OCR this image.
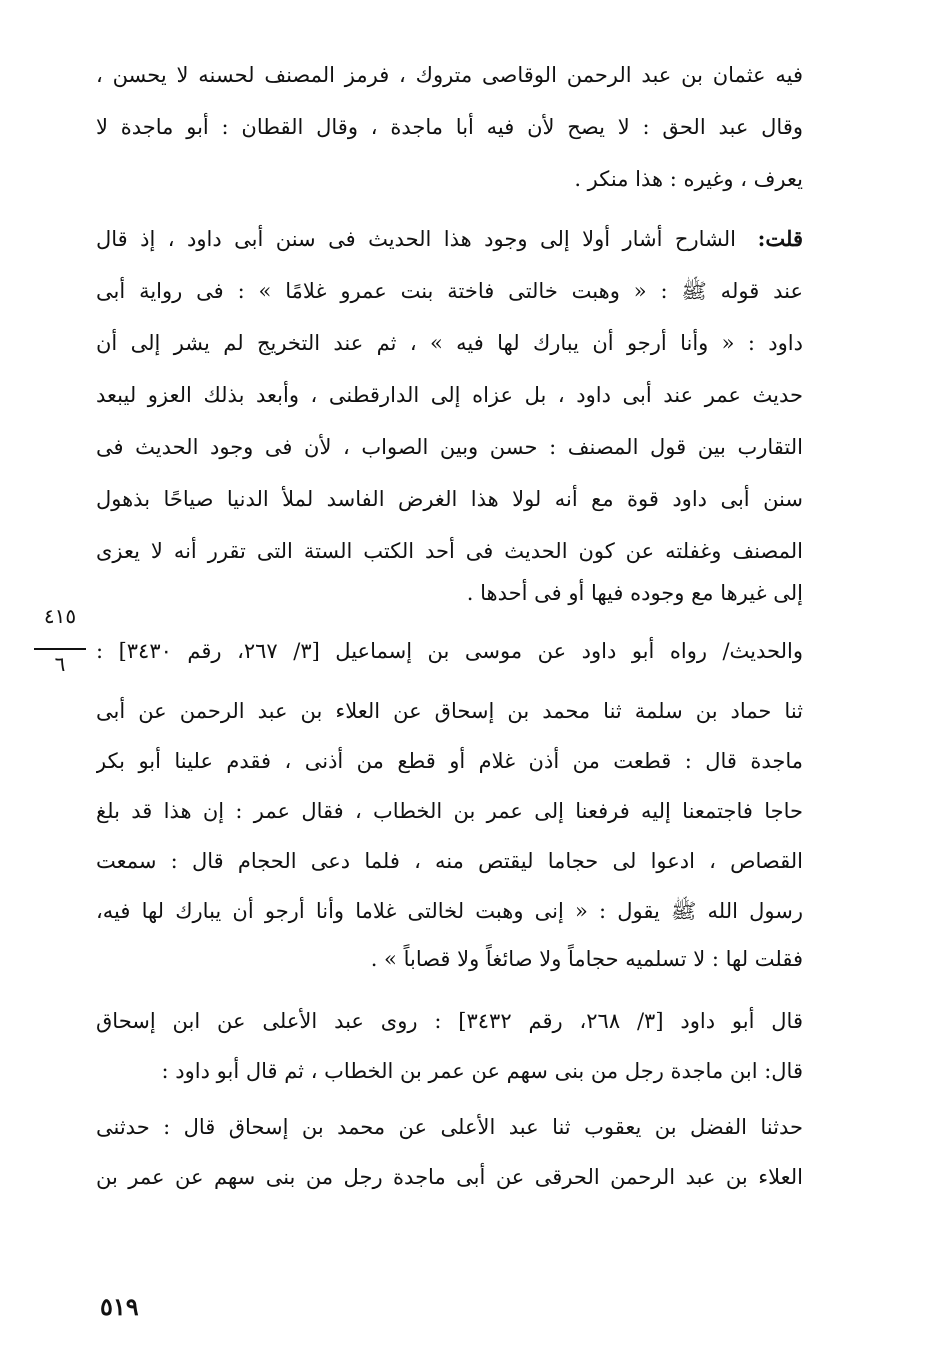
فيه عثمان بن عبد الرحمن الوقاصى متروك ، فرمز المصنف لحسنه لا يحسن ،
وقال عبد الحق : لا يصح لأن فيه أبا ماجدة ، وقال القطان : أبو ماجدة لا
يعرف ، وغيره : هذا منكر .
الشارح أشار أولا إلى وجود هذا الحديث فى سنن أبى داود ، إذ قال	قلت:
عند قوله ﷺ : « وهبت خالتى فاختة بنت عمرو غلامًا » : فى رواية أبى
داود : « وأنا أرجو أن يبارك لها فيه » ، ثم عند التخريج لم يشر إلى أن
حديث عمر عند أبى داود ، بل عزاه إلى الدارقطنى ، وأبعد بذلك العزو ليبعد
التقارب بين قول المصنف : حسن وبين الصواب ، لأن فى وجود الحديث فى
سنن أبى داود قوة مع أنه لولا هذا الغرض الفاسد لملأ الدنيا صياحًا بذهول
المصنف وغفلته عن كون الحديث فى أحد الكتب الستة التى تقرر أنه لا يعزى
إلى غيرها مع وجوده فيها أو فى أحدها .
٤١٥
٦
والحديث/ رواه أبو داود عن موسى بن إسماعيل [٣/ ٢٦٧، رقم ٣٤٣٠] :
ثنا حماد بن سلمة ثنا محمد بن إسحاق عن العلاء بن عبد الرحمن عن أبى
ماجدة قال : قطعت من أذن غلام أو قطع من أذنى ، فقدم علينا أبو بكر
حاجا فاجتمعنا إليه فرفعنا إلى عمر بن الخطاب ، فقال عمر : إن هذا قد بلغ
القصاص ، ادعوا لى حجاما ليقتص منه ، فلما دعى الحجام قال : سمعت
رسول الله ﷺ يقول : « إنى وهبت لخالتى غلاما وأنا أرجو أن يبارك لها فيه،
فقلت لها : لا تسلميه حجاماً ولا صائغاً ولا قصاباً » .
قال أبو داود [٣/ ٢٦٨، رقم ٣٤٣٢] : روى عبد الأعلى عن ابن إسحاق
قال: ابن ماجدة رجل من بنى سهم عن عمر بن الخطاب ، ثم قال أبو داود :
حدثنا الفضل بن يعقوب ثنا عبد الأعلى عن محمد بن إسحاق قال : حدثنى
العلاء بن عبد الرحمن الحرقى عن أبى ماجدة رجل من بنى سهم عن عمر بن
٥١٩
